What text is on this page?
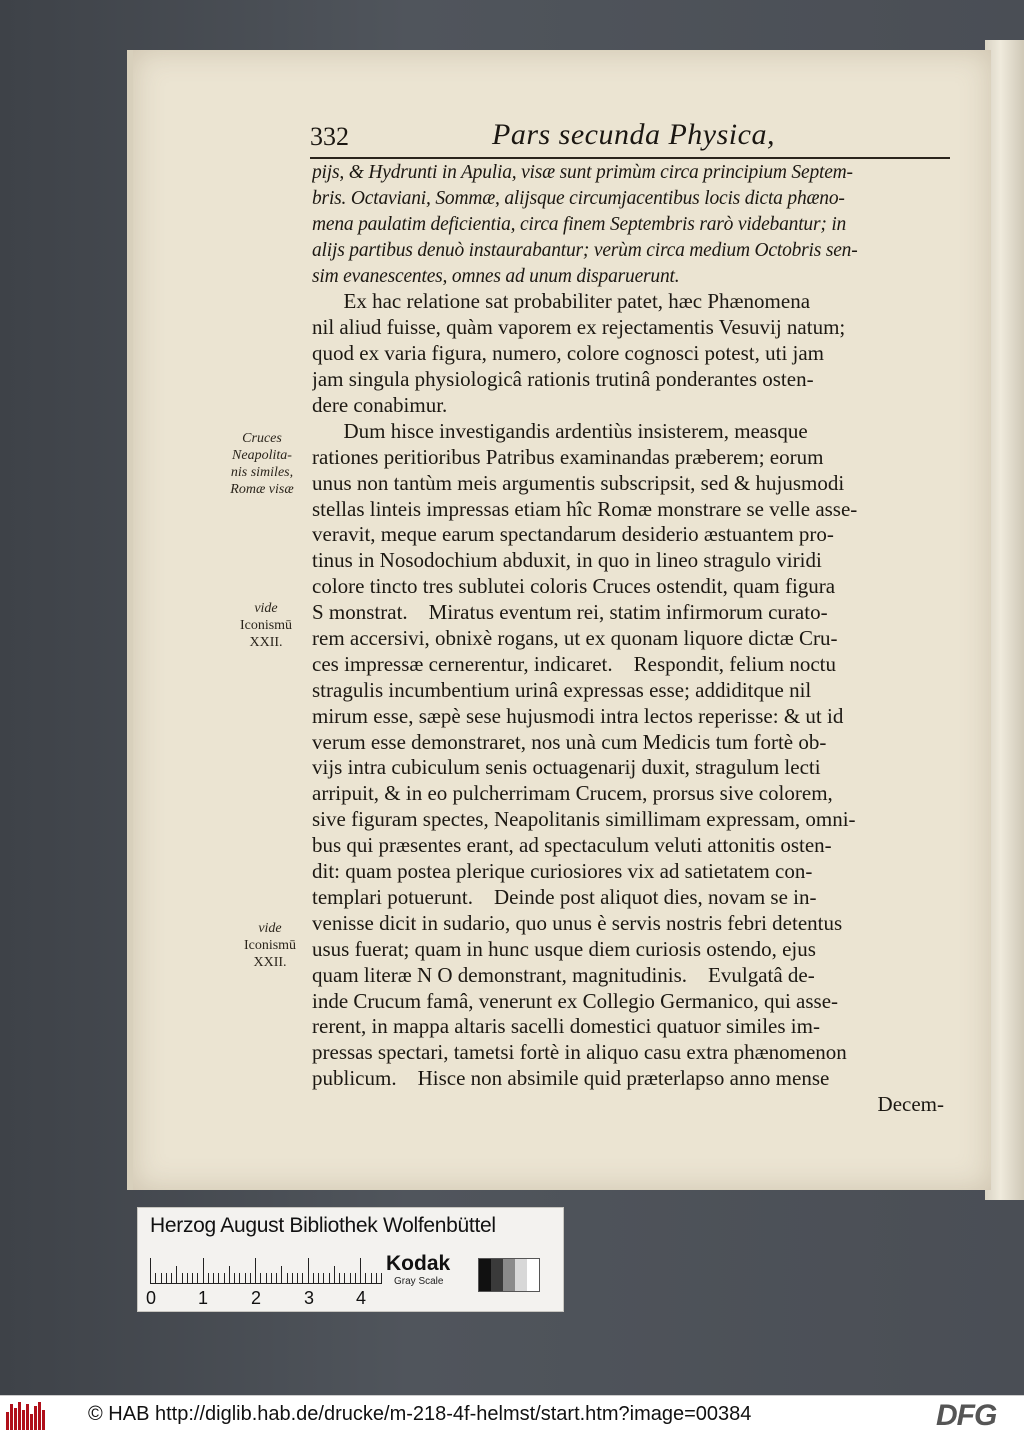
332	Pars secunda Physica,
pijs, & Hydrunti in Apulia, visæ sunt primùm circa principium Septem-
bris. Octaviani, Sommæ, alijsque circumjacentibus locis dicta phæno-
mena paulatim deficientia, circa finem Septembris rarò videbantur; in
alijs partibus denuò instaurabantur; verùm circa medium Octobris sen-
sim evanescentes, omnes ad unum disparuerunt.
Ex hac relatione sat probabiliter patet, hæc Phænomena
nil aliud fuisse, quàm vaporem ex rejectamentis Vesuvij natum;
quod ex varia figura, numero, colore cognosci potest, uti jam
jam singula physiologicâ rationis trutinâ ponderantes osten-
dere conabimur.
Dum hisce investigandis ardentiùs insisterem, measque
rationes peritioribus Patribus examinandas præberem; eorum
unus non tantùm meis argumentis subscripsit, sed & hujusmodi
stellas linteis impressas etiam hîc Romæ monstrare se velle asse-
veravit, meque earum spectandarum desiderio æstuantem pro-
tinus in Nosodochium abduxit, in quo in lineo stragulo viridi
colore tincto tres sublutei coloris Cruces ostendit, quam figura
S monstrat.    Miratus eventum rei, statim infirmorum curato-
rem accersivi, obnixè rogans, ut ex quonam liquore dictæ Cru-
ces impressæ cernerentur, indicaret.    Respondit, felium noctu
stragulis incumbentium urinâ expressas esse; addiditque nil
mirum esse, sæpè sese hujusmodi intra lectos reperisse: & ut id
verum esse demonstraret, nos unà cum Medicis tum fortè ob-
vijs intra cubiculum senis octuagenarij duxit, stragulum lecti
arripuit, & in eo pulcherrimam Crucem, prorsus sive colorem,
sive figuram spectes, Neapolitanis simillimam expressam, omni-
bus qui præsentes erant, ad spectaculum veluti attonitis osten-
dit: quam postea plerique curiosiores vix ad satietatem con-
templari potuerunt.    Deinde post aliquot dies, novam se in-
venisse dicit in sudario, quo unus è servis nostris febri detentus
usus fuerat; quam in hunc usque diem curiosis ostendo, ejus
quam literæ N O demonstrant, magnitudinis.    Evulgatâ de-
inde Crucum famâ, venerunt ex Collegio Germanico, qui asse-
rerent, in mappa altaris sacelli domestici quatuor similes im-
pressas spectari, tametsi fortè in aliquo casu extra phænomenon
publicum.    Hisce non absimile quid præterlapso anno mense
Decem-
Cruces
Neapolita-
nis similes,
Romæ visæ
vide
Iconismū
XXII.
vide
Iconismū
XXII.
Herzog August Bibliothek Wolfenbüttel
0 1 2 3 4
Kodak
Gray Scale
© HAB http://diglib.hab.de/drucke/m-218-4f-helmst/start.htm?image=00384	DFG
